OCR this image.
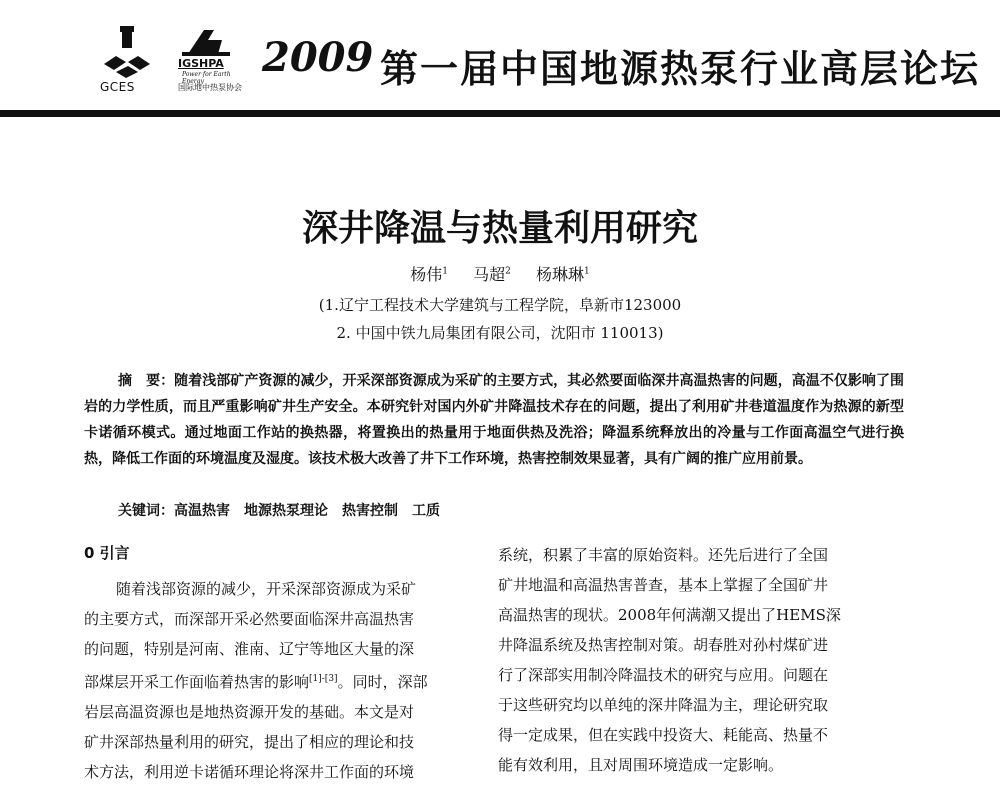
GCES
IGSHPA
Power for Earth Energy
国际地中热泵协会
2009 第一届中国地源热泵行业高层论坛
深井降温与热量利用研究
杨伟$^1$ 马超$^2$ 杨琳琳$^1$
(1.辽宁工程技术大学建筑与工程学院，阜新市123000
2. 中国中铁九局集团有限公司，沈阳市 110013)
摘　要：随着浅部矿产资源的减少，开采深部资源成为采矿的主要方式，其必然要面临深井高温热害的问题，高温不仅影响了围岩的力学性质，而且严重影响矿井生产安全。本研究针对国内外矿井降温技术存在的问题，提出了利用矿井巷道温度作为热源的新型卡诺循环模式。通过地面工作站的换热器，将置换出的热量用于地面供热及洗浴；降温系统释放出的冷量与工作面高温空气进行换热，降低工作面的环境温度及湿度。该技术极大改善了井下工作环境，热害控制效果显著，具有广阔的推广应用前景。
关键词：高温热害　地源热泵理论　热害控制　工质
0 引言

随着浅部资源的减少，开采深部资源成为采矿

的主要方式，而深部开采必然要面临深井高温热害

的问题，特别是河南、淮南、辽宁等地区大量的深

部煤层开采工作面临着热害的影响[1]-[3]。同时，深部

岩层高温资源也是地热资源开发的基础。本文是对

矿井深部热量利用的研究，提出了相应的理论和技

术方法，利用逆卡诺循环理论将深井工作面的环境

系统，积累了丰富的原始资料。还先后进行了全国

矿井地温和高温热害普查，基本上掌握了全国矿井

高温热害的现状。2008年何满潮又提出了HEMS深

井降温系统及热害控制对策。胡春胜对孙村煤矿进

行了深部实用制冷降温技术的研究与应用。问题在

于这些研究均以单纯的深井降温为主，理论研究取

得一定成果，但在实践中投资大、耗能高、热量不

能有效利用，且对周围环境造成一定影响。
